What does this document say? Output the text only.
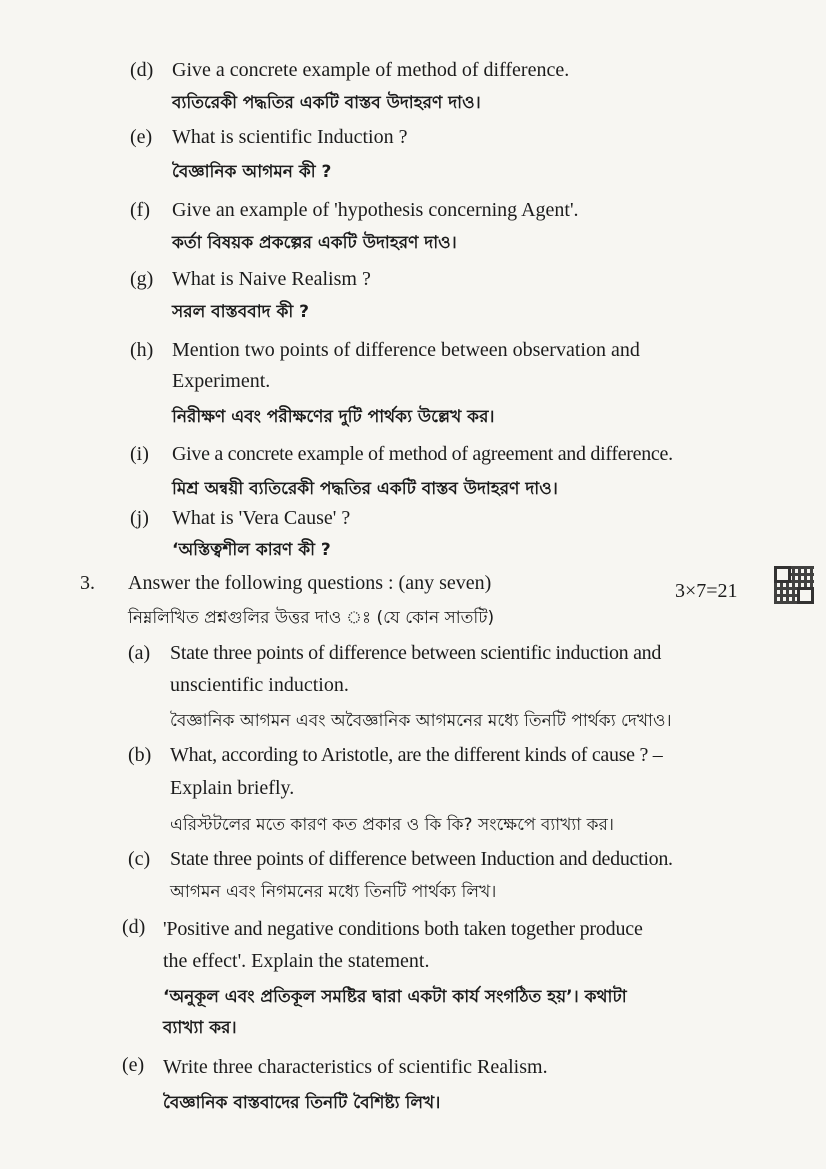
(d) Give a concrete example of method of difference.
ব্যতিরেকী পদ্ধতির একটি বাস্তব উদাহরণ দাও।
(e) What is scientific Induction ?
বৈজ্ঞানিক আগমন কী ?
(f) Give an example of 'hypothesis concerning Agent'.
কর্তা বিষয়ক প্রকল্পের একটি উদাহরণ দাও।
(g) What is Naive Realism ?
সরল বাস্তববাদ কী ?
(h) Mention two points of difference between observation and
Experiment.
নিরীক্ষণ এবং পরীক্ষণের দুটি পার্থক্য উল্লেখ কর।
(i) Give a concrete example of method of agreement and difference.
মিশ্র অন্বয়ী ব্যতিরেকী পদ্ধতির একটি বাস্তব উদাহরণ দাও।
(j) What is 'Vera Cause' ?
‘অস্তিত্বশীল কারণ কী ?
3. Answer the following questions : (any seven)	3×7=21
নিম্নলিখিত প্রশ্নগুলির উত্তর দাও ঃ (যে কোন সাতটি)
(a) State three points of difference between scientific induction and
unscientific induction.
বৈজ্ঞানিক আগমন এবং অবৈজ্ঞানিক আগমনের মধ্যে তিনটি পার্থক্য দেখাও।
(b) What, according to Aristotle, are the different kinds of cause ? –
Explain briefly.
এরিস্টটলের মতে কারণ কত প্রকার ও কি কি? সংক্ষেপে ব্যাখ্যা কর।
(c) State three points of difference between Induction and deduction.
আগমন এবং নিগমনের মধ্যে তিনটি পার্থক্য লিখ।
(d) 'Positive and negative conditions both taken together produce
the effect'. Explain the statement.
‘অনুকূল এবং প্রতিকূল সমষ্টির দ্বারা একটা কার্য সংগঠিত হয়’। কথাটা
ব্যাখ্যা কর।
(e) Write three characteristics of scientific Realism.
বৈজ্ঞানিক বাস্তবাদের তিনটি বৈশিষ্ট্য লিখ।
